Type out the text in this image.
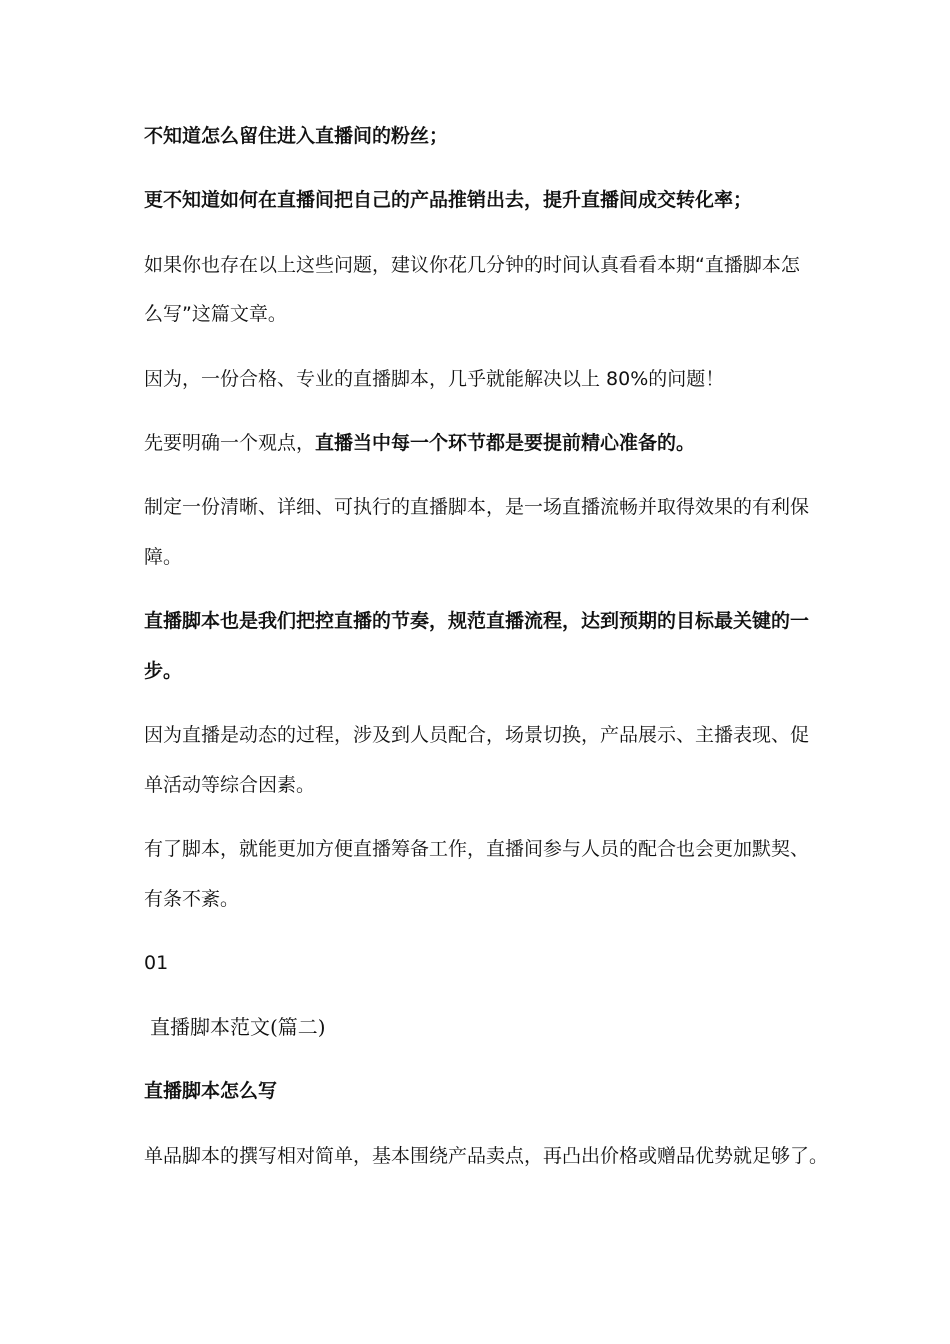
不知道怎么留住进入直播间的粉丝；
更不知道如何在直播间把自己的产品推销出去，提升直播间成交转化率；
如果你也存在以上这些问题，建议你花几分钟的时间认真看看本期“直播脚本怎
么写”这篇文章。
因为，一份合格、专业的直播脚本，几乎就能解决以上 80%的问题！
先要明确一个观点，直播当中每一个环节都是要提前精心准备的。
制定一份清晰、详细、可执行的直播脚本，是一场直播流畅并取得效果的有利保
障。
直播脚本也是我们把控直播的节奏，规范直播流程，达到预期的目标最关键的一
步。
因为直播是动态的过程，涉及到人员配合，场景切换，产品展示、主播表现、促
单活动等综合因素。
有了脚本，就能更加方便直播筹备工作，直播间参与人员的配合也会更加默契、
有条不紊。
01
直播脚本范文(篇二)
直播脚本怎么写
单品脚本的撰写相对简单，基本围绕产品卖点，再凸出价格或赠品优势就足够了。
